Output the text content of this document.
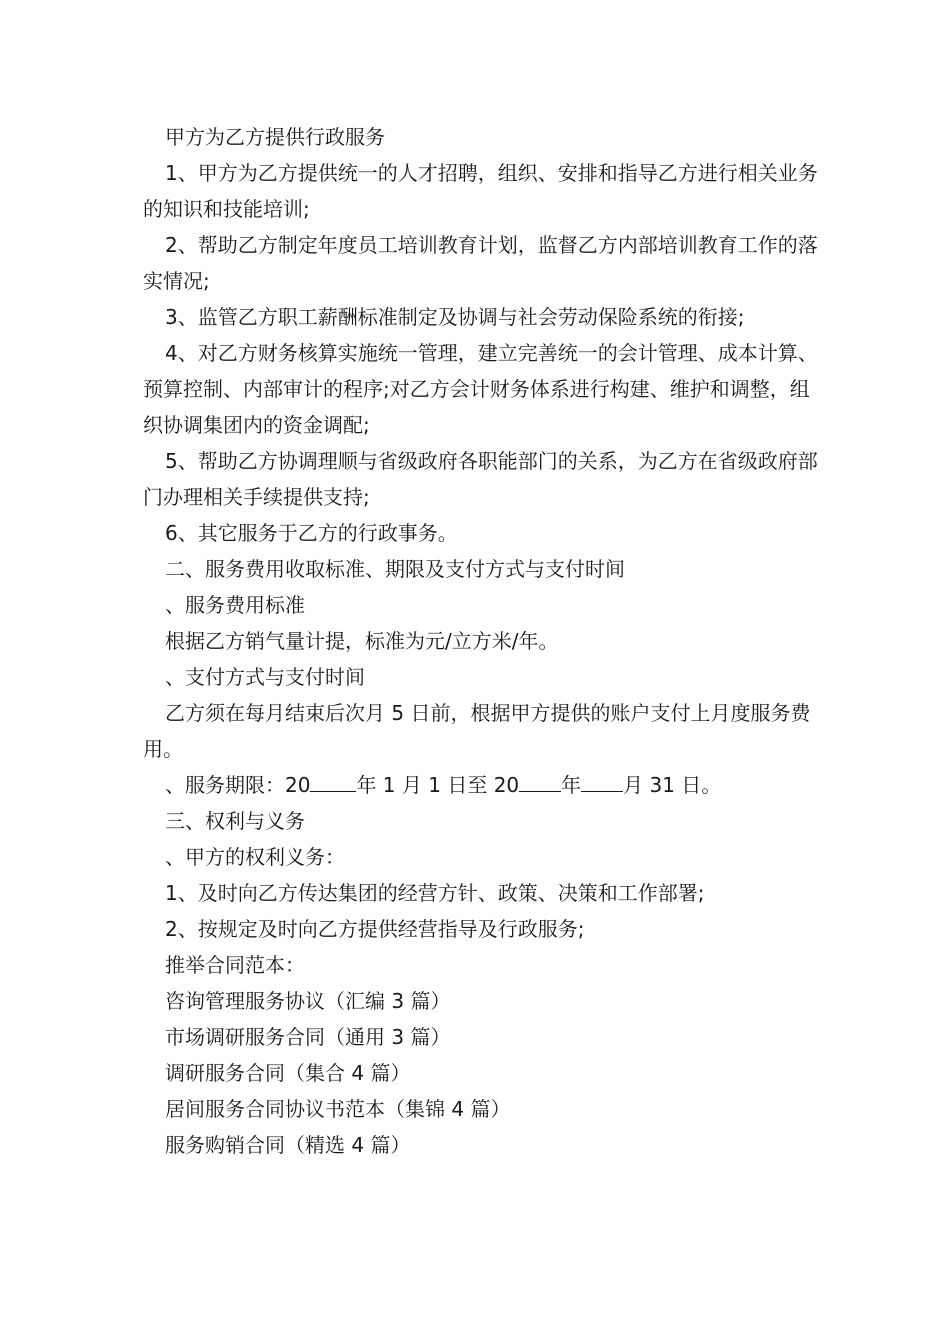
甲方为乙方提供行政服务

1、甲方为乙方提供统一的人才招聘，组织、安排和指导乙方进行相关业务的知识和技能培训;

2、帮助乙方制定年度员工培训教育计划，监督乙方内部培训教育工作的落实情况;

3、监管乙方职工薪酬标准制定及协调与社会劳动保险系统的衔接;

4、对乙方财务核算实施统一管理，建立完善统一的会计管理、成本计算、预算控制、内部审计的程序;对乙方会计财务体系进行构建、维护和调整，组织协调集团内的资金调配;

5、帮助乙方协调理顺与省级政府各职能部门的关系，为乙方在省级政府部门办理相关手续提供支持;

6、其它服务于乙方的行政事务。

二、服务费用收取标准、期限及支付方式与支付时间

、服务费用标准

根据乙方销气量计提，标准为元/立方米/年。

、支付方式与支付时间

乙方须在每月结束后次月 5 日前，根据甲方提供的账户支付上月度服务费用。

、服务期限：20 年 1 月 1 日至 20 年 月 31 日。

三、权利与义务

、甲方的权利义务：

1、及时向乙方传达集团的经营方针、政策、决策和工作部署;

2、按规定及时向乙方提供经营指导及行政服务;

推举合同范本：

咨询管理服务协议（汇编 3 篇）

市场调研服务合同（通用 3 篇）

调研服务合同（集合 4 篇）

居间服务合同协议书范本（集锦 4 篇）

服务购销合同（精选 4 篇）
